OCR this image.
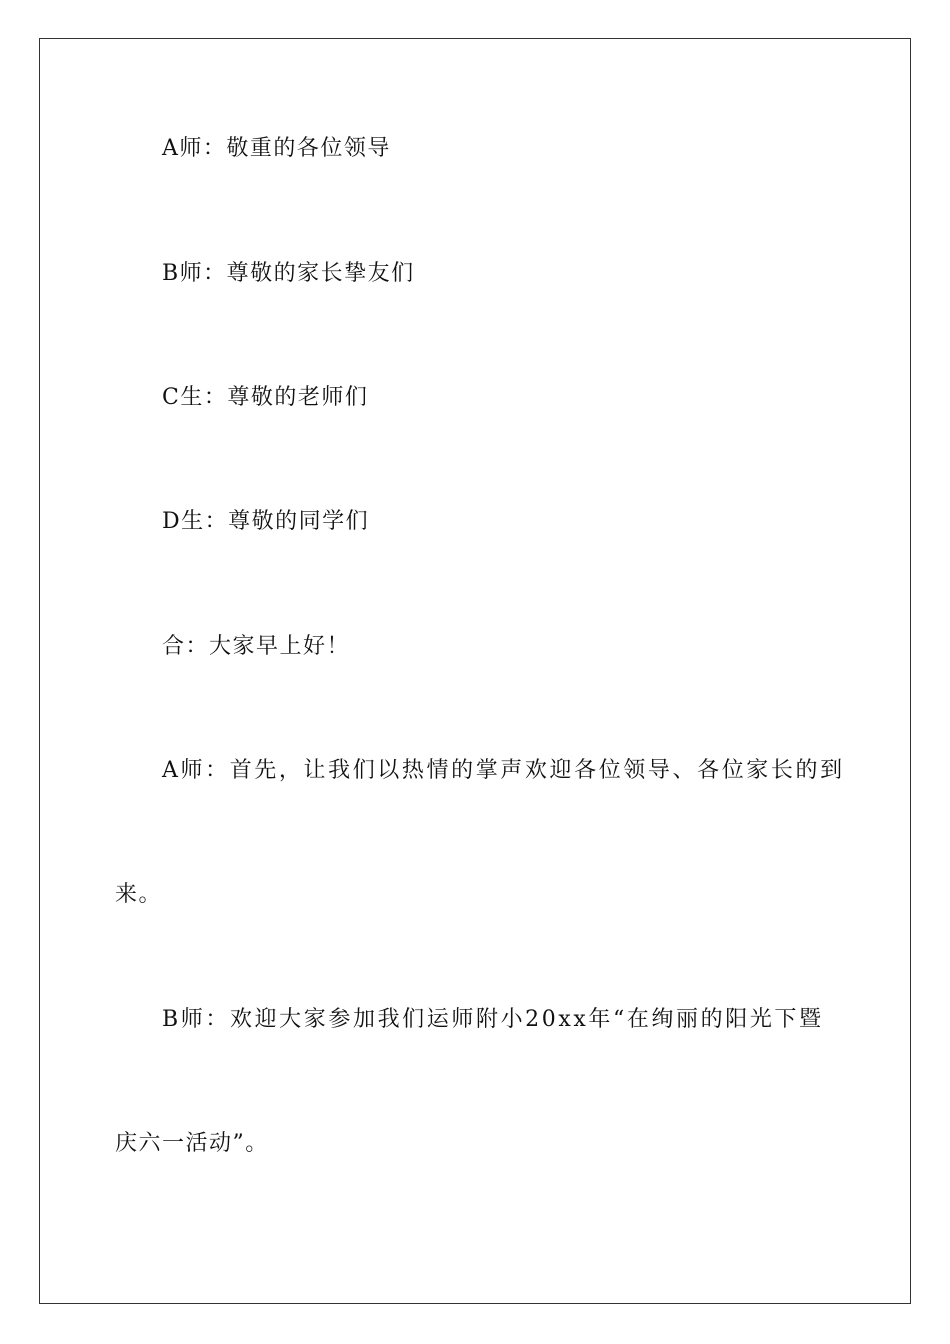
A师：敬重的各位领导
B师：尊敬的家长挚友们
C生：尊敬的老师们
D生：尊敬的同学们
合：大家早上好！
A师：首先，让我们以热情的掌声欢迎各位领导、各位家长的到
来。
B师：欢迎大家参加我们运师附小20xx年“在绚丽的阳光下暨
庆六一活动”。
